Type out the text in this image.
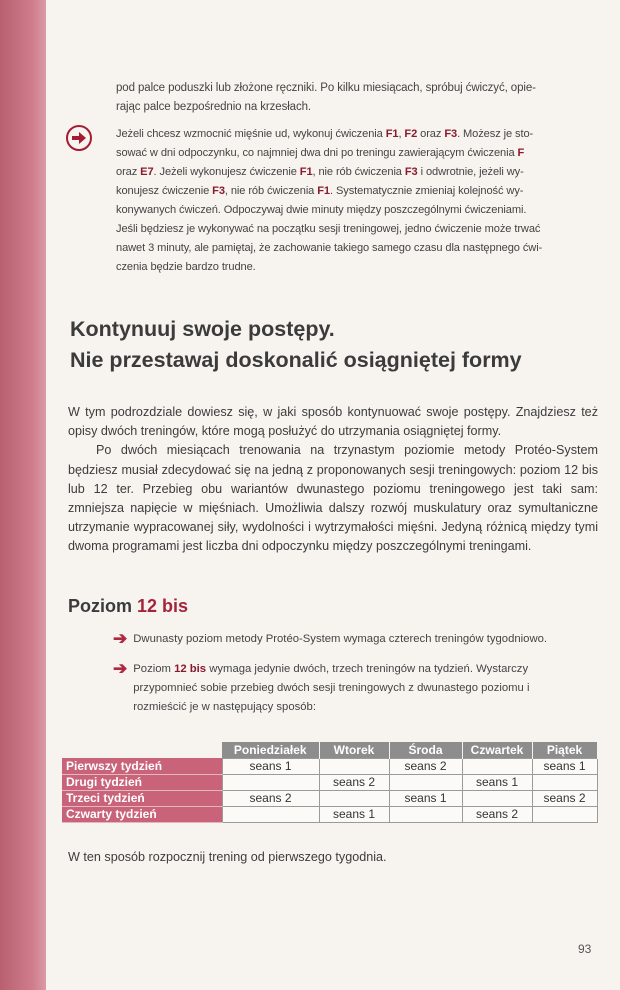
pod palce poduszki lub złożone ręczniki. Po kilku miesiącach, spróbuj ćwiczyć, opie-
rając palce bezpośrednio na krzesłach.
Jeżeli chcesz wzmocnić mięśnie ud, wykonuj ćwiczenia F1, F2 oraz F3. Możesz je sto-
sować w dni odpoczynku, co najmniej dwa dni po treningu zawierającym ćwiczenia F
oraz E7. Jeżeli wykonujesz ćwiczenie F1, nie rób ćwiczenia F3 i odwrotnie, jeżeli wy-
konujesz ćwiczenie F3, nie rób ćwiczenia F1. Systematycznie zmieniaj kolejność wy-
konywanych ćwiczeń. Odpoczywaj dwie minuty między poszczególnymi ćwiczeniami.
Jeśli będziesz je wykonywać na początku sesji treningowej, jedno ćwiczenie może trwać
nawet 3 minuty, ale pamiętaj, że zachowanie takiego samego czasu dla następnego ćwi-
czenia będzie bardzo trudne.
Kontynuuj swoje postępy.
Nie przestawaj doskonalić osiągniętej formy

W tym podrozdziale dowiesz się, w jaki sposób kontynuować swoje postępy. Znajdziesz też opisy dwóch treningów, które mogą posłużyć do utrzymania osiągniętej formy.

Po dwóch miesiącach trenowania na trzynastym poziomie metody Protéo-System będziesz musiał zdecydować się na jedną z proponowanych sesji treningowych: poziom 12 bis lub 12 ter. Przebieg obu wariantów dwunastego poziomu treningowego jest taki sam: zmniejsza napięcie w mięśniach. Umożliwia dalszy rozwój muskulatury oraz symultaniczne utrzymanie wypracowanej siły, wydolności i wytrzymałości mięśni. Jedyną różnicą między tymi dwoma programami jest liczba dni odpoczynku między poszczególnymi treningami.

Poziom 12 bis
➔ Dwunasty poziom metody Protéo-System wymaga czterech treningów tygodniowo.
➔ Poziom 12 bis wymaga jedynie dwóch, trzech treningów na tydzień. Wystarczy przypomnieć sobie przebieg dwóch sesji treningowych z dwunastego poziomu i rozmieścić je w następujący sposób:
	Poniedziałek	Wtorek	Środa	Czwartek	Piątek
Pierwszy tydzień	seans 1		seans 2		seans 1
Drugi tydzień		seans 2		seans 1	
Trzeci tydzień	seans 2		seans 1		seans 2
Czwarty tydzień		seans 1		seans 2	
W ten sposób rozpocznij trening od pierwszego tygodnia.
93
